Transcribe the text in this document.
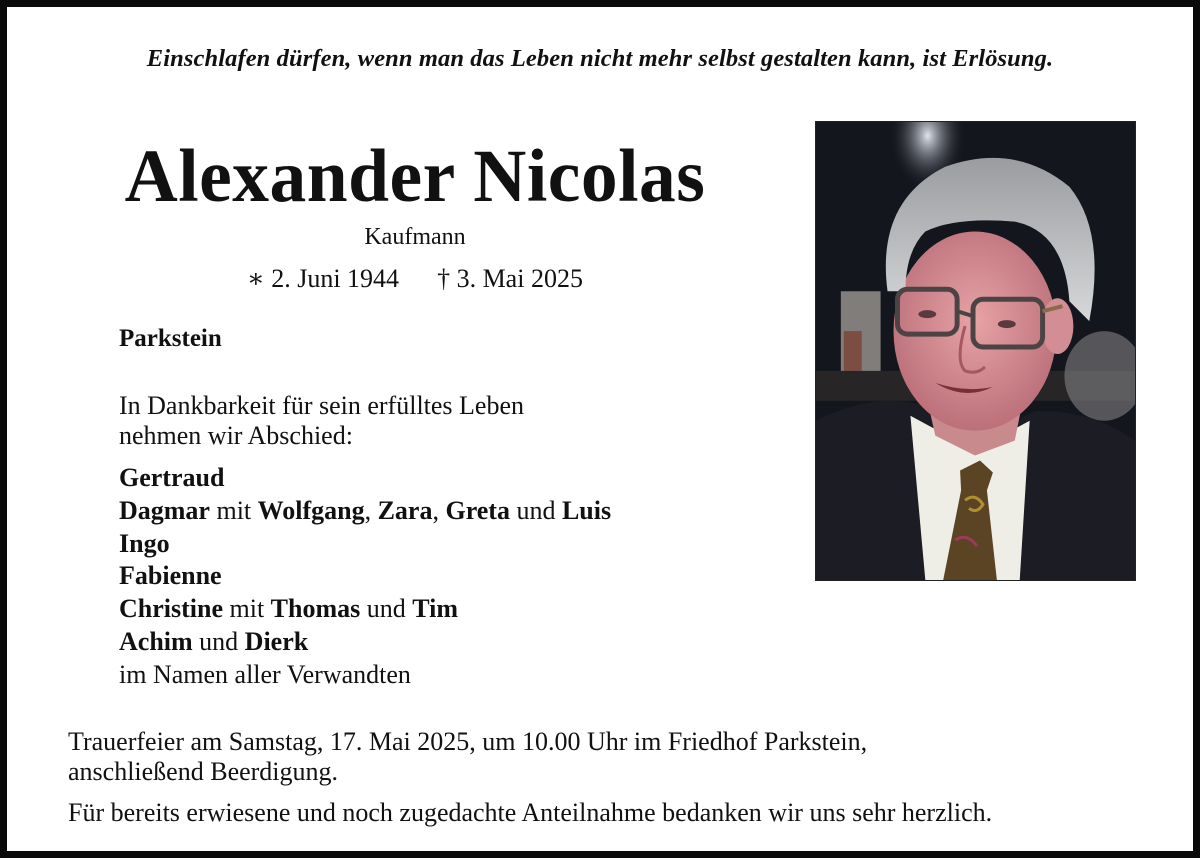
Einschlafen dürfen, wenn man das Leben nicht mehr selbst gestalten kann, ist Erlösung.
Alexander Nicolas
Kaufmann
∗ 2. Juni 1944 † 3. Mai 2025
Parkstein
In Dankbarkeit für sein erfülltes Leben
nehmen wir Abschied:
Gertraud
Dagmar mit Wolfgang, Zara, Greta und Luis
Ingo
Fabienne
Christine mit Thomas und Tim
Achim und Dierk
im Namen aller Verwandten
Trauerfeier am Samstag, 17. Mai 2025, um 10.00 Uhr im Friedhof Parkstein,
anschließend Beerdigung.
Für bereits erwiesene und noch zugedachte Anteilnahme bedanken wir uns sehr herzlich.
